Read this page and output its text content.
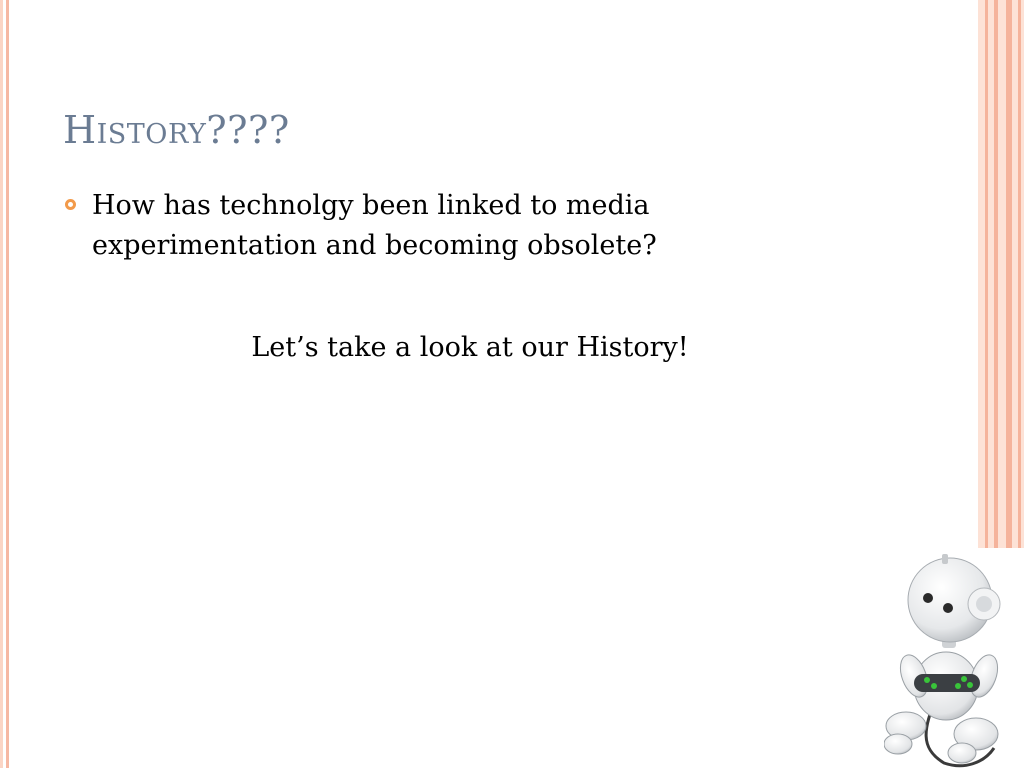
History????
How has technolgy been linked to media experimentation and becoming obsolete?
Let’s take a look at our History!
